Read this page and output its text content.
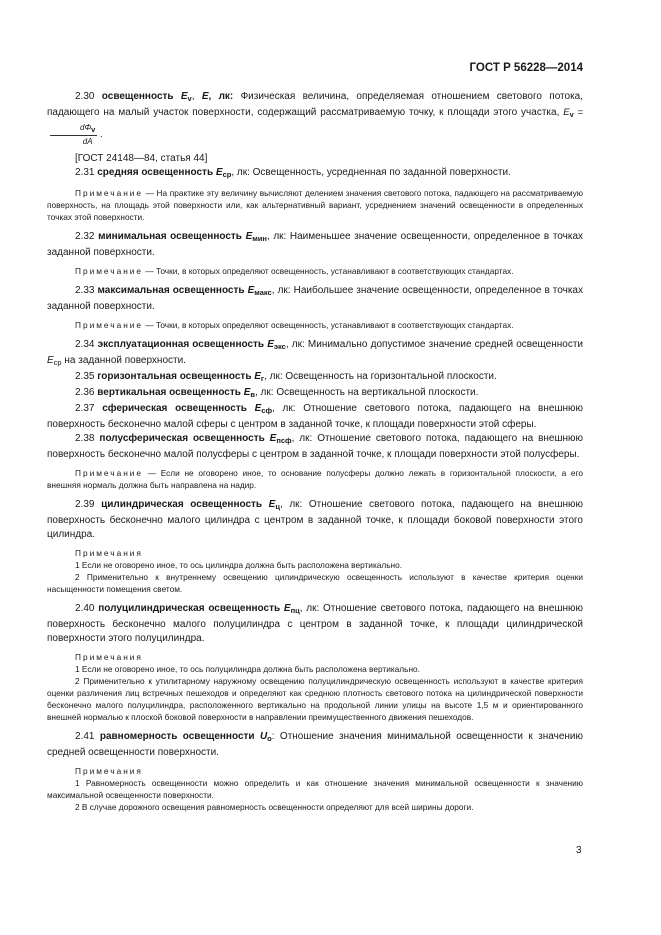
ГОСТ Р 56228—2014

2.30 освещенность $E_v$, E, лк: Физическая величина, определяемая отношением светового потока, падающего на малый участок поверхности, содержащий рассматриваемую точку, к площади этого участка, $E_v$ =
$\frac{\text{dΦv}}{dA}$ .

[ГОСТ 24148—84, статья 44]

2.31 средняя освещенность $E_{ср}$, лк: Освещенность, усредненная по заданной поверхности.

Примечание — На практике эту величину вычисляют делением значения светового потока, падающего на рассматриваемую поверхность, на площадь этой поверхности или, как альтернативный вариант, усреднением значений освещенности в определенных точках этой поверхности.

2.32 минимальная освещенность $E_{мин}$, лк: Наименьшее значение освещенности, определенное в точках заданной поверхности.

Примечание — Точки, в которых определяют освещенность, устанавливают в соответствующих стандартах.

2.33 максимальная освещенность $E_{макс}$, лк: Наибольшее значение освещенности, определенное в точках заданной поверхности.

Примечание — Точки, в которых определяют освещенность, устанавливают в соответствующих стандартах.

2.34 эксплуатационная освещенность $E_{экс}$, лк: Минимально допустимое значение средней освещенности $E_{ср}$ на заданной поверхности.

2.35 горизонтальная освещенность $E_г$, лк: Освещенность на горизонтальной плоскости.

2.36 вертикальная освещенность $E_в$, лк: Освещенность на вертикальной плоскости.

2.37 сферическая освещенность $E_{сф}$, лк: Отношение светового потока, падающего на внешнюю поверхность бесконечно малой сферы с центром в заданной точке, к площади поверхности этой сферы.

2.38 полусферическая освещенность $E_{псф}$, лк: Отношение светового потока, падающего на внешнюю поверхность бесконечно малой полусферы с центром в заданной точке, к площади поверхности этой полусферы.

Примечание — Если не оговорено иное, то основание полусферы должно лежать в горизонтальной плоскости, а его внешняя нормаль должна быть направлена на надир.

2.39 цилиндрическая освещенность $E_ц$, лк: Отношение светового потока, падающего на внешнюю поверхность бесконечно малого цилиндра с центром в заданной точке, к площади боковой поверхности этого цилиндра.

Примечания

1 Если не оговорено иное, то ось цилиндра должна быть расположена вертикально.

2 Применительно к внутреннему освещению цилиндрическую освещенность используют в качестве критерия оценки насыщенности помещения светом.

2.40 полуцилиндрическая освещенность $E_{пц}$, лк: Отношение светового потока, падающего на внешнюю поверхность бесконечно малого полуцилиндра с центром в заданной точке, к площади цилиндрической поверхности этого полуцилиндра.

Примечания

1 Если не оговорено иное, то ось полуцилиндра должна быть расположена вертикально.

2 Применительно к утилитарному наружному освещению полуцилиндрическую освещенность используют в качестве критерия оценки различения лиц встречных пешеходов и определяют как среднюю плотность светового потока на цилиндрической поверхности бесконечно малого полуцилиндра, расположенного вертикально на продольной линии улицы на высоте 1,5 м и ориентированного внешней нормалью к плоской боковой поверхности в направлении преимущественного движения пешеходов.

2.41 равномерность освещенности $U_o$: Отношение значения минимальной освещенности к значению средней освещенности поверхности.

Примечания

1 Равномерность освещенности можно определить и как отношение значения минимальной освещенности к значению максимальной освещенности поверхности.

2 В случае дорожного освещения равномерность освещенности определяют для всей ширины дороги.

3
